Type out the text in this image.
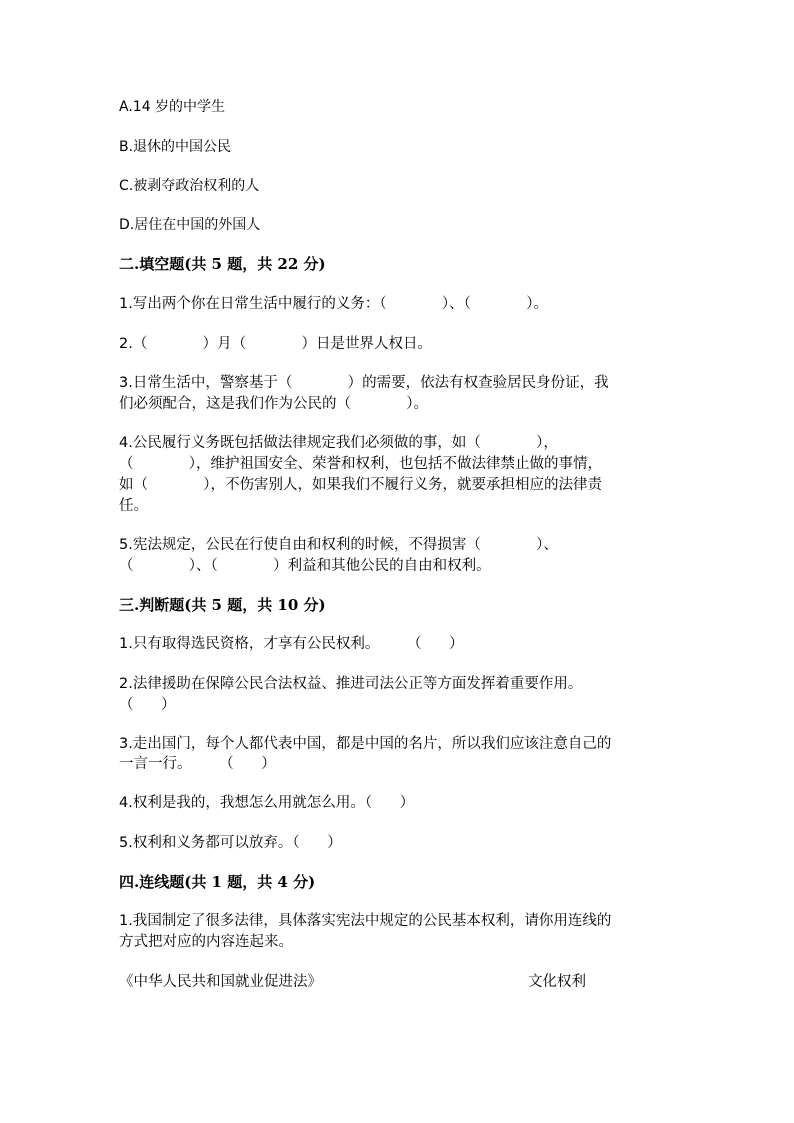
A.14 岁的中学生
B.退休的中国公民
C.被剥夺政治权利的人
D.居住在中国的外国人
二.填空题(共 5 题，共 22 分)
1.写出两个你在日常生活中履行的义务：（            ）、（            ）。
2.（            ）月（            ）日是世界人权日。
3.日常生活中，警察基于（            ）的需要，依法有权查验居民身份证，我
们必须配合，这是我们作为公民的（            ）。
4.公民履行义务既包括做法律规定我们必须做的事，如（            ），
（            ），维护祖国安全、荣誉和权利，也包括不做法律禁止做的事情，
如（            ），不伤害别人，如果我们不履行义务，就要承担相应的法律责
任。
5.宪法规定，公民在行使自由和权利的时候，不得损害（            ）、
（            ）、（            ）利益和其他公民的自由和权利。
三.判断题(共 5 题，共 10 分)
1.只有取得选民资格，才享有公民权利。      （      ）
2.法律援助在保障公民合法权益、推进司法公正等方面发挥着重要作用。
（      ）
3.走出国门，每个人都代表中国，都是中国的名片，所以我们应该注意自己的
一言一行。      （      ）
4.权利是我的，我想怎么用就怎么用。（      ）
5.权利和义务都可以放弃。（      ）
四.连线题(共 1 题，共 4 分)
1.我国制定了很多法律，具体落实宪法中规定的公民基本权利，请你用连线的
方式把对应的内容连起来。
《中华人民共和国就业促进法》	文化权利
